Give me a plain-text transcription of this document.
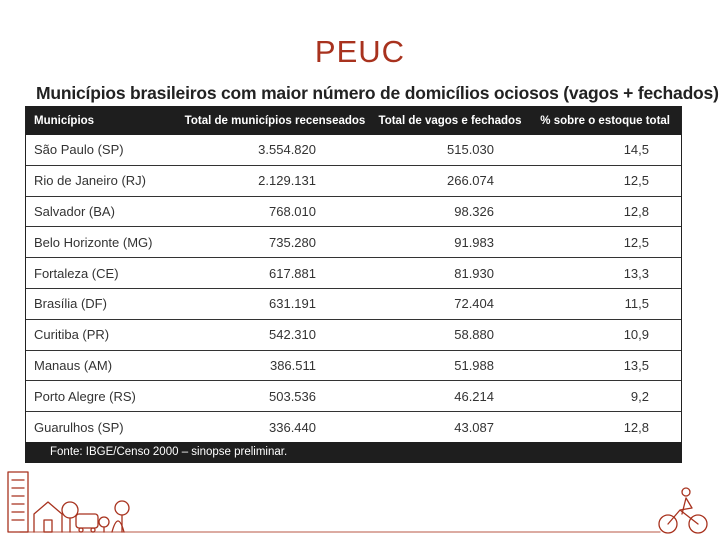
PEUC
Municípios brasileiros com maior número de domicílios ociosos (vagos + fechados)
Municípios	Total de municípios recenseados	Total de vagos e fechados	% sobre o estoque total
São Paulo (SP)	3.554.820	515.030	14,5
Rio de Janeiro (RJ)	2.129.131	266.074	12,5
Salvador (BA)	768.010	98.326	12,8
Belo Horizonte (MG)	735.280	91.983	12,5
Fortaleza (CE)	617.881	81.930	13,3
Brasília (DF)	631.191	72.404	11,5
Curitiba (PR)	542.310	58.880	10,9
Manaus (AM)	386.511	51.988	13,5
Porto Alegre (RS)	503.536	46.214	9,2
Guarulhos (SP)	336.440	43.087	12,8
Fonte: IBGE/Censo 2000 – sinopse preliminar.
